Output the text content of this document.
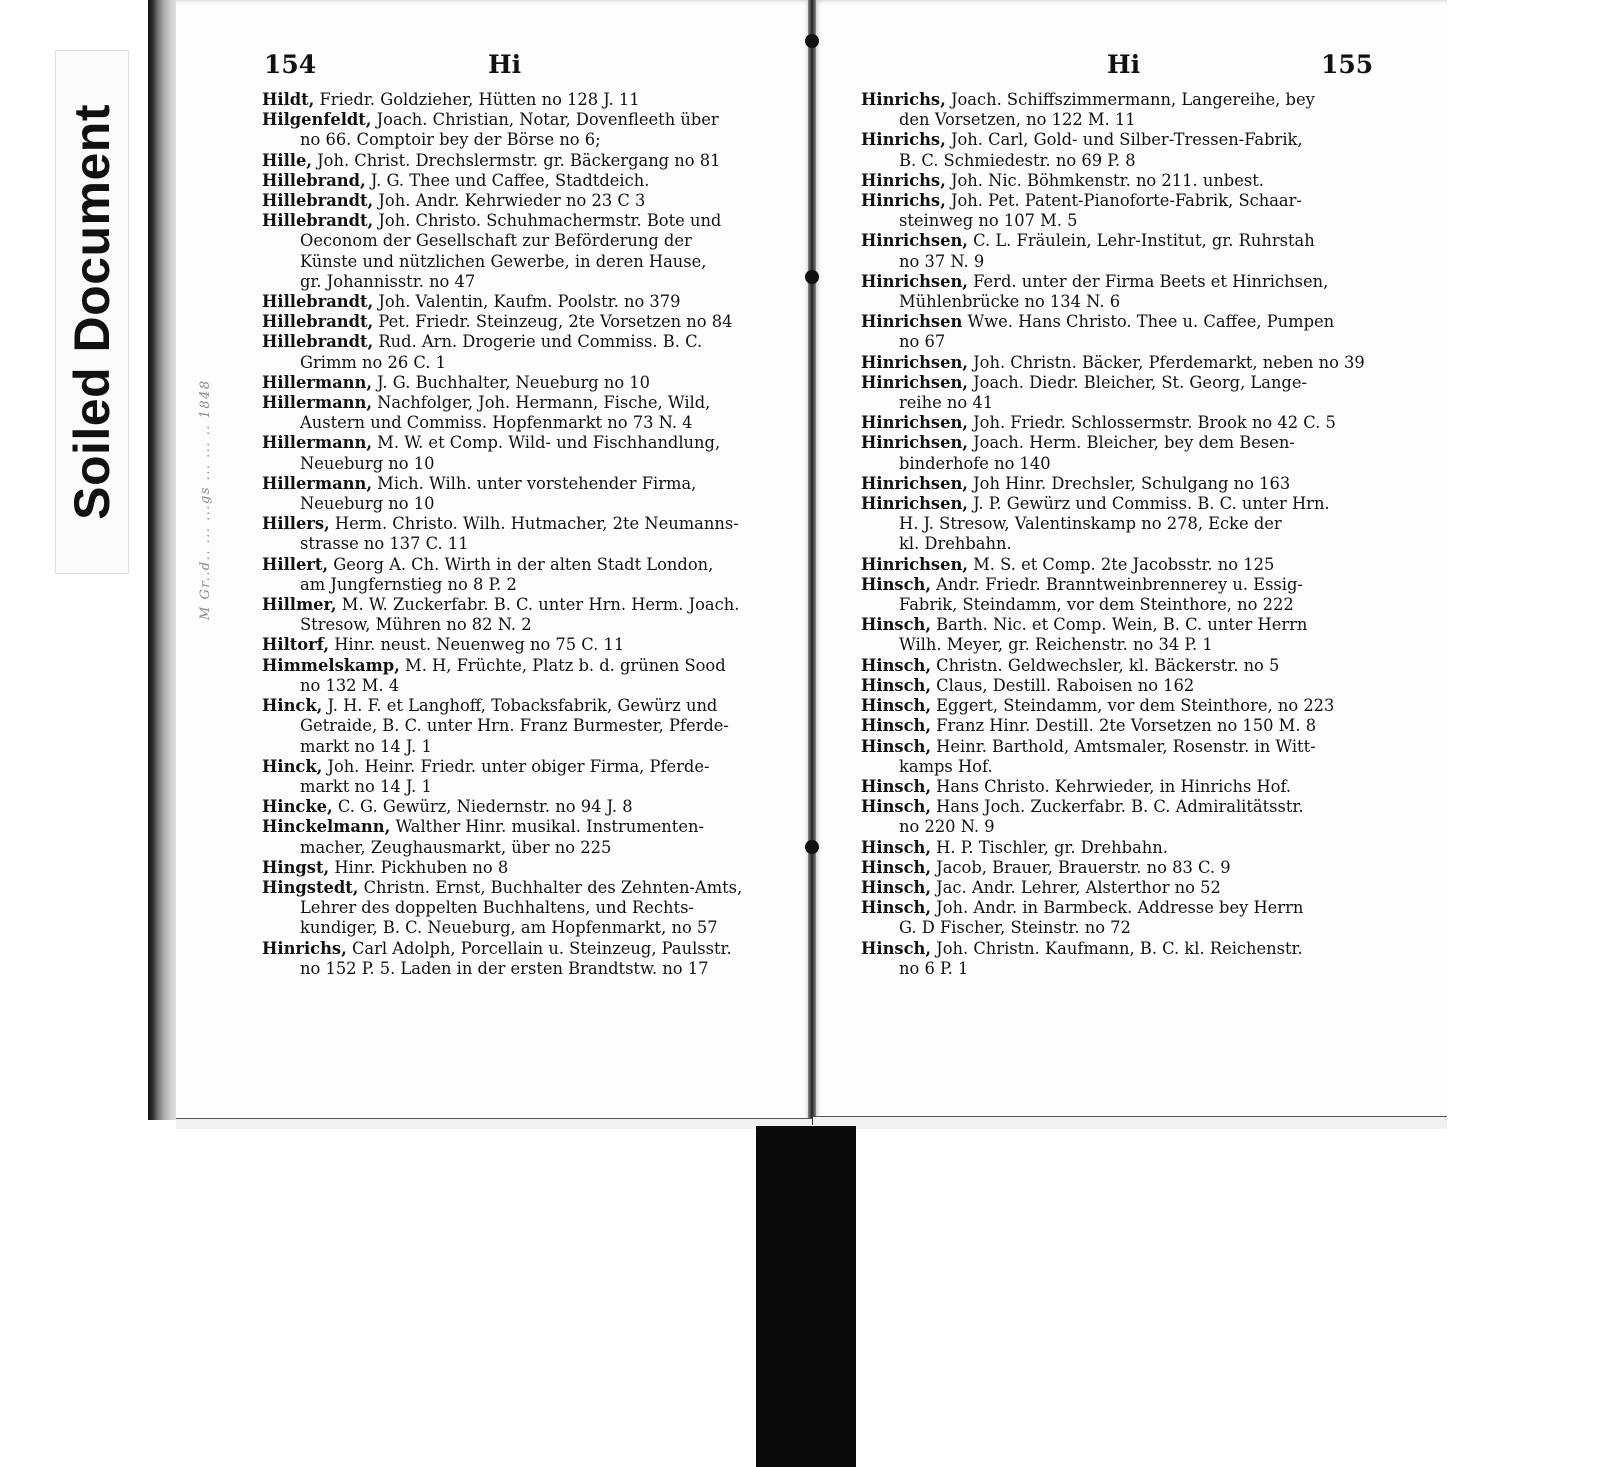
Soiled Document
154	Hi
Hildt, Friedr. Goldzieher, Hütten no 128 J. 11
Hilgenfeldt, Joach. Christian, Notar, Dovenfleeth über
no 66. Comptoir bey der Börse no 6;
Hille, Joh. Christ. Drechslermstr. gr. Bäckergang no 81
Hillebrand, J. G. Thee und Caffee, Stadtdeich.
Hillebrandt, Joh. Andr. Kehrwieder no 23 C 3
Hillebrandt, Joh. Christo. Schuhmachermstr. Bote und
Oeconom der Gesellschaft zur Beförderung der
Künste und nützlichen Gewerbe, in deren Hause,
gr. Johannisstr. no 47
Hillebrandt, Joh. Valentin, Kaufm. Poolstr. no 379
Hillebrandt, Pet. Friedr. Steinzeug, 2te Vorsetzen no 84
Hillebrandt, Rud. Arn. Drogerie und Commiss. B. C.
Grimm no 26 C. 1
Hillermann, J. G. Buchhalter, Neueburg no 10
Hillermann, Nachfolger, Joh. Hermann, Fische, Wild,
Austern und Commiss. Hopfenmarkt no 73 N. 4
Hillermann, M. W. et Comp. Wild- und Fischhandlung,
Neueburg no 10
Hillermann, Mich. Wilh. unter vorstehender Firma,
Neueburg no 10
Hillers, Herm. Christo. Wilh. Hutmacher, 2te Neumanns-
strasse no 137 C. 11
Hillert, Georg A. Ch. Wirth in der alten Stadt London,
am Jungfernstieg no 8 P. 2
Hillmer, M. W. Zuckerfabr. B. C. unter Hrn. Herm. Joach.
Stresow, Mühren no 82 N. 2
Hiltorf, Hinr. neust. Neuenweg no 75 C. 11
Himmelskamp, M. H, Früchte, Platz b. d. grünen Sood
no 132 M. 4
Hinck, J. H. F. et Langhoff, Tobacksfabrik, Gewürz und
Getraide, B. C. unter Hrn. Franz Burmester, Pferde-
markt no 14 J. 1
Hinck, Joh. Heinr. Friedr. unter obiger Firma, Pferde-
markt no 14 J. 1
Hincke, C. G. Gewürz, Niedernstr. no 94 J. 8
Hinckelmann, Walther Hinr. musikal. Instrumenten-
macher, Zeughausmarkt, über no 225
Hingst, Hinr. Pickhuben no 8
Hingstedt, Christn. Ernst, Buchhalter des Zehnten-Amts,
Lehrer des doppelten Buchhaltens, und Rechts-
kundiger, B. C. Neueburg, am Hopfenmarkt, no 57
Hinrichs, Carl Adolph, Porcellain u. Steinzeug, Paulsstr.
no 152 P. 5. Laden in der ersten Brandtstw. no 17
M Gr..d.. ... ...gs ... ... .. 1848
Hi	155
Hinrichs, Joach. Schiffszimmermann, Langereihe, bey
den Vorsetzen, no 122 M. 11
Hinrichs, Joh. Carl, Gold- und Silber-Tressen-Fabrik,
B. C. Schmiedestr. no 69 P. 8
Hinrichs, Joh. Nic. Böhmkenstr. no 211. unbest.
Hinrichs, Joh. Pet. Patent-Pianoforte-Fabrik, Schaar-
steinweg no 107 M. 5
Hinrichsen, C. L. Fräulein, Lehr-Institut, gr. Ruhrstah
no 37 N. 9
Hinrichsen, Ferd. unter der Firma Beets et Hinrichsen,
Mühlenbrücke no 134 N. 6
Hinrichsen Wwe. Hans Christo. Thee u. Caffee, Pumpen
no 67
Hinrichsen, Joh. Christn. Bäcker, Pferdemarkt, neben no 39
Hinrichsen, Joach. Diedr. Bleicher, St. Georg, Lange-
reihe no 41
Hinrichsen, Joh. Friedr. Schlossermstr. Brook no 42 C. 5
Hinrichsen, Joach. Herm. Bleicher, bey dem Besen-
binderhofe no 140
Hinrichsen, Joh Hinr. Drechsler, Schulgang no 163
Hinrichsen, J. P. Gewürz und Commiss. B. C. unter Hrn.
H. J. Stresow, Valentinskamp no 278, Ecke der
kl. Drehbahn.
Hinrichsen, M. S. et Comp. 2te Jacobsstr. no 125
Hinsch, Andr. Friedr. Branntweinbrennerey u. Essig-
Fabrik, Steindamm, vor dem Steinthore, no 222
Hinsch, Barth. Nic. et Comp. Wein, B. C. unter Herrn
Wilh. Meyer, gr. Reichenstr. no 34 P. 1
Hinsch, Christn. Geldwechsler, kl. Bäckerstr. no 5
Hinsch, Claus, Destill. Raboisen no 162
Hinsch, Eggert, Steindamm, vor dem Steinthore, no 223
Hinsch, Franz Hinr. Destill. 2te Vorsetzen no 150 M. 8
Hinsch, Heinr. Barthold, Amtsmaler, Rosenstr. in Witt-
kamps Hof.
Hinsch, Hans Christo. Kehrwieder, in Hinrichs Hof.
Hinsch, Hans Joch. Zuckerfabr. B. C. Admiralitätsstr.
no 220 N. 9
Hinsch, H. P. Tischler, gr. Drehbahn.
Hinsch, Jacob, Brauer, Brauerstr. no 83 C. 9
Hinsch, Jac. Andr. Lehrer, Alsterthor no 52
Hinsch, Joh. Andr. in Barmbeck. Addresse bey Herrn
G. D Fischer, Steinstr. no 72
Hinsch, Joh. Christn. Kaufmann, B. C. kl. Reichenstr.
no 6 P. 1
